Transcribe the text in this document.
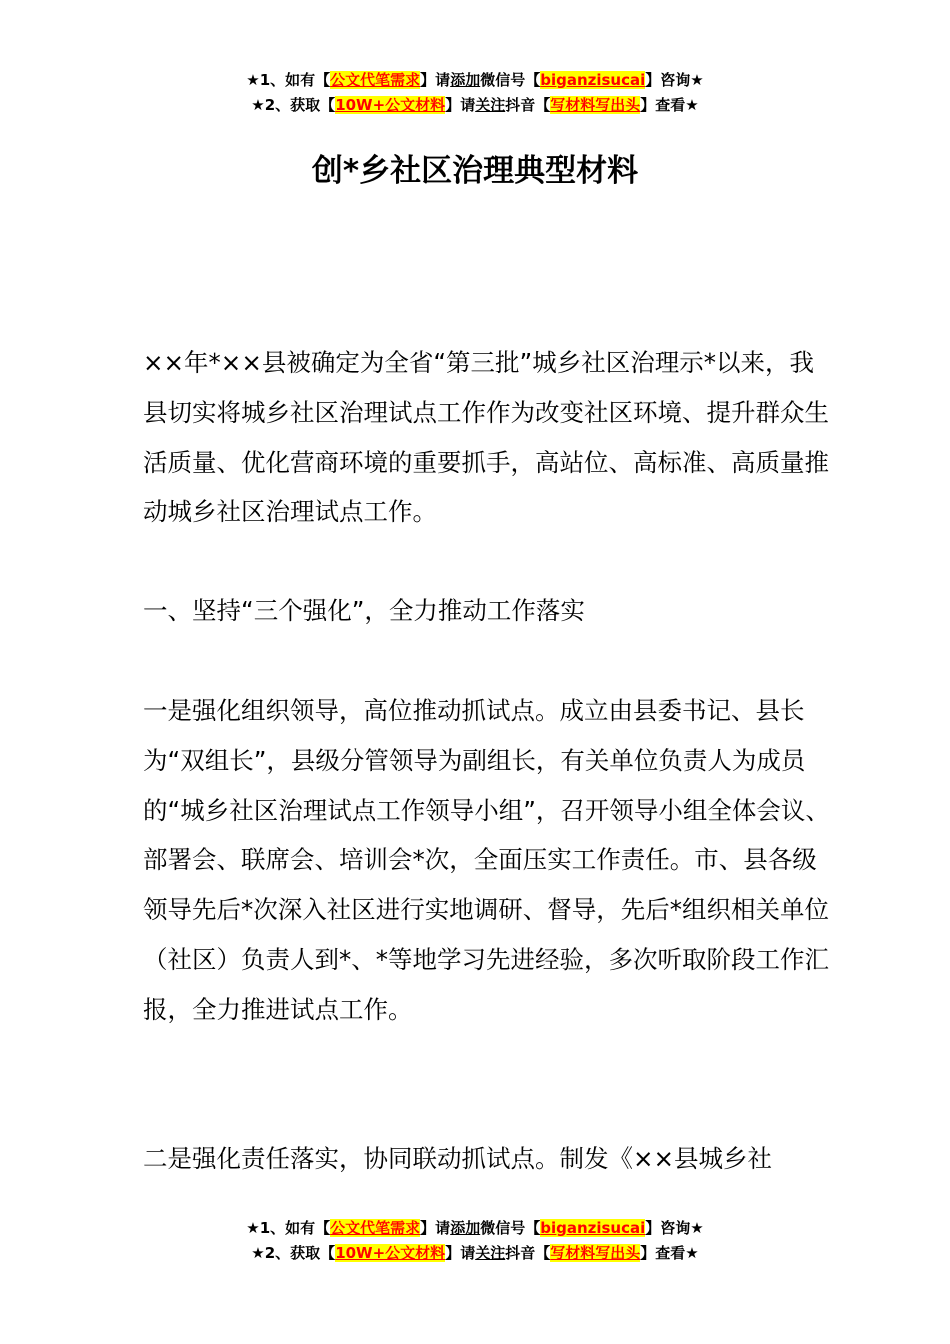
★1、如有【公文代笔需求】请添加微信号【biganzisucai】咨询★
★2、获取【10W+公文材料】请关注抖音【写材料写出头】查看★
创*乡社区治理典型材料

××年*××县被确定为全省“第三批”城乡社区治理示*以来，我县切实将城乡社区治理试点工作作为改变社区环境、提升群众生活质量、优化营商环境的重要抓手，高站位、高标准、高质量推动城乡社区治理试点工作。

一、坚持“三个强化”，全力推动工作落实

一是强化组织领导，高位推动抓试点。成立由县委书记、县长为“双组长”，县级分管领导为副组长，有关单位负责人为成员的“城乡社区治理试点工作领导小组”，召开领导小组全体会议、部署会、联席会、培训会*次，全面压实工作责任。市、县各级领导先后*次深入社区进行实地调研、督导，先后*组织相关单位（社区）负责人到*、*等地学习先进经验，多次听取阶段工作汇报，全力推进试点工作。

二是强化责任落实，协同联动抓试点。制发《××县城乡社

★1、如有【公文代笔需求】请添加微信号【biganzisucai】咨询★
★2、获取【10W+公文材料】请关注抖音【写材料写出头】查看★
